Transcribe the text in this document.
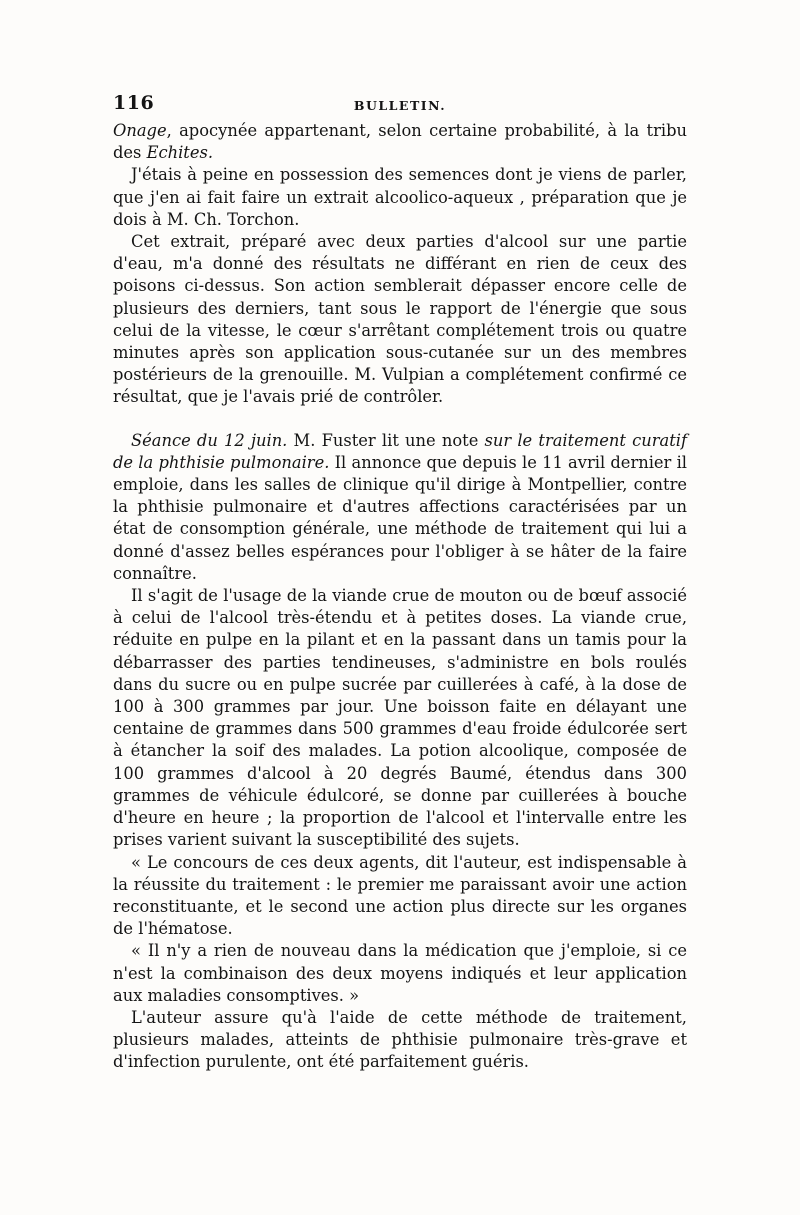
116	BULLETIN.

Onage, apocynée appartenant, selon certaine probabilité, à la tribu des Echites.

J'étais à peine en possession des semences dont je viens de parler, que j'en ai fait faire un extrait alcoolico-aqueux , préparation que je dois à M. Ch. Torchon.

Cet extrait, préparé avec deux parties d'alcool sur une partie d'eau, m'a donné des résultats ne différant en rien de ceux des poisons ci-dessus. Son action semblerait dépasser encore celle de plusieurs des derniers, tant sous le rapport de l'énergie que sous celui de la vitesse, le cœur s'arrêtant complétement trois ou quatre minutes après son application sous-cutanée sur un des membres postérieurs de la grenouille. M. Vulpian a complétement confirmé ce résultat, que je l'avais prié de contrôler.

Séance du 12 juin. M. Fuster lit une note sur le traitement curatif de la phthisie pulmonaire. Il annonce que depuis le 11 avril dernier il emploie, dans les salles de clinique qu'il dirige à Montpellier, contre la phthisie pulmonaire et d'autres affections caractérisées par un état de consomption générale, une méthode de traitement qui lui a donné d'assez belles espérances pour l'obliger à se hâter de la faire connaître.

Il s'agit de l'usage de la viande crue de mouton ou de bœuf associé à celui de l'alcool très-étendu et à petites doses. La viande crue, réduite en pulpe en la pilant et en la passant dans un tamis pour la débarrasser des parties tendineuses, s'administre en bols roulés dans du sucre ou en pulpe sucrée par cuillerées à café, à la dose de 100 à 300 grammes par jour. Une boisson faite en délayant une centaine de grammes dans 500 grammes d'eau froide édulcorée sert à étancher la soif des malades. La potion alcoolique, composée de 100 grammes d'alcool à 20 degrés Baumé, étendus dans 300 grammes de véhicule édulcoré, se donne par cuillerées à bouche d'heure en heure ; la proportion de l'alcool et l'intervalle entre les prises varient suivant la susceptibilité des sujets.

« Le concours de ces deux agents, dit l'auteur, est indispensable à la réussite du traitement : le premier me paraissant avoir une action reconstituante, et le second une action plus directe sur les organes de l'hématose.

« Il n'y a rien de nouveau dans la médication que j'emploie, si ce n'est la combinaison des deux moyens indiqués et leur application aux maladies consomptives. »

L'auteur assure qu'à l'aide de cette méthode de traitement, plusieurs malades, atteints de phthisie pulmonaire très-grave et d'infection purulente, ont été parfaitement guéris.
